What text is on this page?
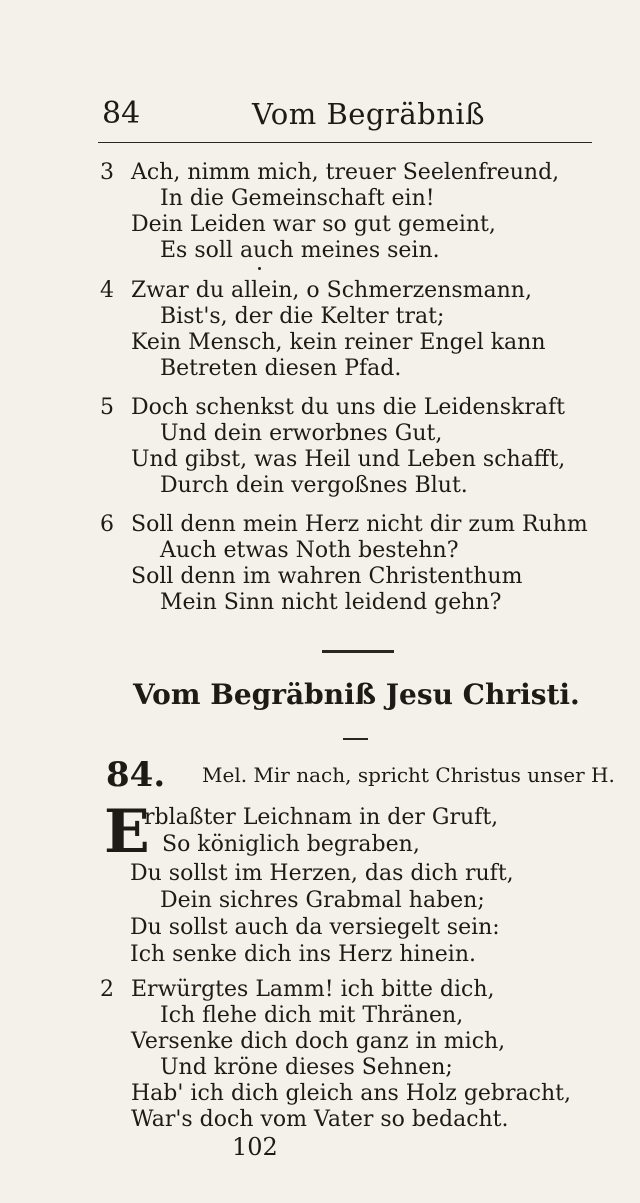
84	Vom Begräbniß
3 Ach, nimm mich, treuer Seelenfreund,
In die Gemeinschaft ein!
Dein Leiden war so gut gemeint,
Es soll auch meines sein.
4 Zwar du allein, o Schmerzensmann,
Bist's, der die Kelter trat;
Kein Mensch, kein reiner Engel kann
Betreten diesen Pfad.
5 Doch schenkst du uns die Leidenskraft
Und dein erworbnes Gut,
Und gibst, was Heil und Leben schafft,
Durch dein vergoßnes Blut.
6 Soll denn mein Herz nicht dir zum Ruhm
Auch etwas Noth bestehn?
Soll denn im wahren Christenthum
Mein Sinn nicht leidend gehn?
Vom Begräbniß Jesu Christi.
84. Mel. Mir nach, spricht Christus unser H.
E
rblaßter Leichnam in der Gruft,
So königlich begraben,
Du sollst im Herzen, das dich ruft,
Dein sichres Grabmal haben;
Du sollst auch da versiegelt sein:
Ich senke dich ins Herz hinein.
2 Erwürgtes Lamm! ich bitte dich,
Ich flehe dich mit Thränen,
Versenke dich doch ganz in mich,
Und kröne dieses Sehnen;
Hab' ich dich gleich ans Holz gebracht,
War's doch vom Vater so bedacht.
102
